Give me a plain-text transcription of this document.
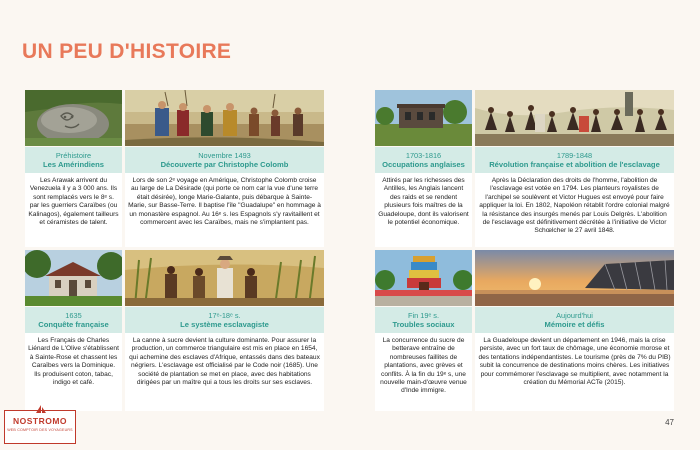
UN PEU D'HISTOIRE
Préhistoire
Les Amérindiens
Les Arawak arrivent du Venezuela il y a 3 000 ans. Ils sont remplacés vers le 8ᵉ s. par les guerriers Caraïbes (ou Kalinagos), également tailleurs et céramistes de talent.
Novembre 1493
Découverte par Christophe Colomb
Lors de son 2ᵉ voyage en Amérique, Christophe Colomb croise au large de La Désirade (qui porte ce nom car la vue d'une terre était désirée), longe Marie-Galante, puis débarque à Sainte-Marie, sur Basse-Terre. Il baptise l'île "Guadalupe" en hommage à un monastère espagnol. Au 16ᵉ s. les Espagnols s'y ravitaillent et commercent avec les Caraïbes, mais ne s'implantent pas.
1703-1816
Occupations anglaises
Attirés par les richesses des Antilles, les Anglais lancent des raids et se rendent plusieurs fois maîtres de la Guadeloupe, dont ils valorisent le potentiel économique.
1789-1848
Révolution française et abolition de l'esclavage
Après la Déclaration des droits de l'homme, l'abolition de l'esclavage est votée en 1794. Les planteurs royalistes de l'archipel se soulèvent et Victor Hugues est envoyé pour faire appliquer la loi. En 1802, Napoléon rétablit l'ordre colonial malgré la résistance des insurgés menés par Louis Delgrès. L'abolition de l'esclavage est définitivement décrétée à l'initiative de Victor Schœlcher le 27 avril 1848.
1635
Conquête française
Les Français de Charles Liénard de L'Olive s'établissent à Sainte-Rose et chassent les Caraïbes vers la Dominique. Ils produisent coton, tabac, indigo et café.
17ᵉ-18ᵉ s.
Le système esclavagiste
La canne à sucre devient la culture dominante. Pour assurer la production, un commerce triangulaire est mis en place en 1654, qui achemine des esclaves d'Afrique, entassés dans des bateaux négriers. L'esclavage est officialisé par le Code noir (1685). Une société de plantation se met en place, avec des habitations dirigées par un maître qui a tous les droits sur ses esclaves.
Fin 19ᵉ s.
Troubles sociaux
La concurrence du sucre de betterave entraîne de nombreuses faillites de plantations, avec grèves et conflits. À la fin du 19ᵉ s, une nouvelle main-d'œuvre venue d'Inde immigre.
Aujourd'hui
Mémoire et défis
La Guadeloupe devient un département en 1946, mais la crise persiste, avec un fort taux de chômage, une économie morose et des tentations indépendantistes. Le tourisme (près de 7% du PIB) subit la concurrence de destinations moins chères. Les initiatives pour commémorer l'esclavage se multiplient, avec notamment la création du Mémorial ACTe (2015).
47
NOSTROMO
WEB COMPTOIR DES VOYAGEURS
